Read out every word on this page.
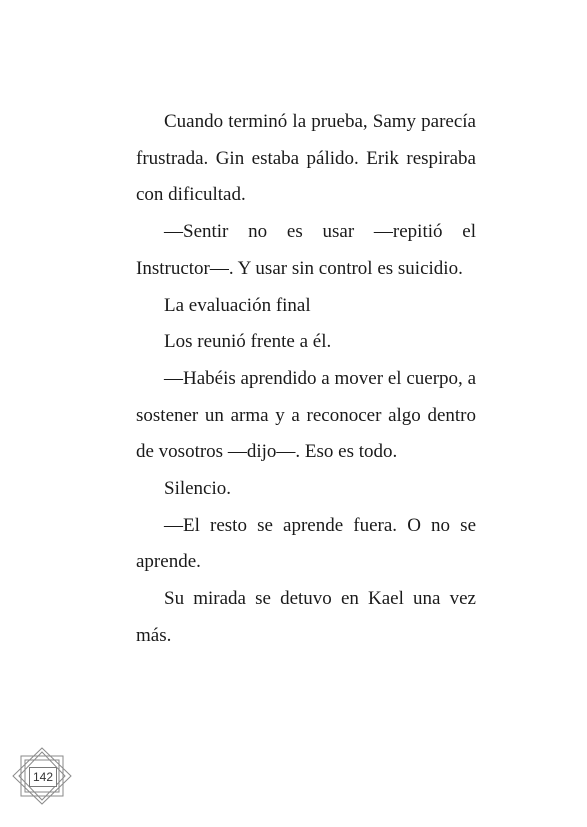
Cuando terminó la prueba, Samy parecía frustrada. Gin estaba pálido. Erik respiraba con dificultad.

—Sentir no es usar —repitió el Instructor—. Y usar sin control es suicidio.

La evaluación final

Los reunió frente a él.

—Habéis aprendido a mover el cuerpo, a sostener un arma y a reconocer algo dentro de vosotros —dijo—. Eso es todo.

Silencio.

—El resto se aprende fuera. O no se aprende.

Su mirada se detuvo en Kael una vez más.

142
